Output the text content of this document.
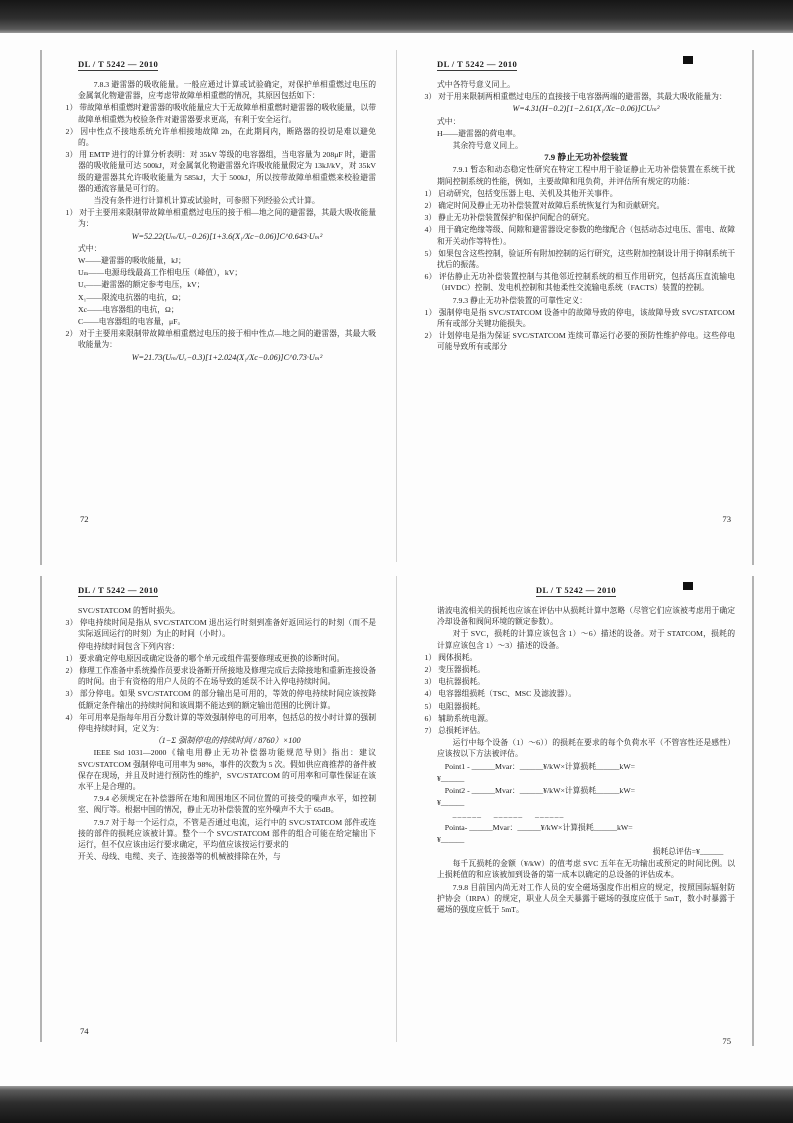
DL / T 5242 — 2010

7.8.3 避雷器的吸收能量。一般应通过计算或试验确定，对保护单相重燃过电压的金属氧化物避雷器，应考虑带故障单相重燃的情况，其原因包括如下：

1） 带故障单相重燃时避雷器的吸收能量应大于无故障单相重燃时避雷器的吸收能量，以带故障单相重燃为校验条件对避雷器要求更高，有利于安全运行。

2） 因中性点不接地系统允许单相接地故障 2h，在此期间内，断路器的投切是难以避免的。

3） 用 EMTP 进行的计算分析表明：对 35kV 等级的电容器组，当电容量为 208μF 时，避雷器的吸收能量可达 500kJ，对金属氧化物避雷器允许吸收能量假定为 13kJ/kV，对 35kV 级的避雷器其允许吸收能量为 585kJ，大于 500kJ，所以按带故障单相重燃来校验避雷器的通流容量是可行的。

当没有条件进行计算机计算或试验时，可参照下列经验公式计算。

1） 对于主要用来限制带故障单相重燃过电压的接于相—地之间的避雷器，其最大吸收能量为：

W=52.22(Uₘ/Uₓ−0.26)[1+3.6(X₁/Xc−0.06)]C^0.643·Uₘ²

式中：

W——避雷器的吸收能量，kJ；

Uₘ——电源母线最高工作相电压（峰值），kV；

Uₓ——避雷器的额定参考电压，kV；

X₁——限流电抗器的电抗，Ω；

Xc——电容器组的电抗，Ω；

C——电容器组的电容量，μF。

2） 对于主要用来限制带故障单相重燃过电压的接于相中性点—地之间的避雷器，其最大吸收能量为：

W=21.73(Uₘ/Uₓ−0.3)[1+2.024(X₁/Xc−0.06)]C^0.73·Uₘ²

72
DL / T 5242 — 2010

式中各符号意义同上。

3） 对于用来限制两相重燃过电压的直接接于电容器两端的避雷器，其最大吸收能量为：

W=4.31(H−0.2)[1−2.61(X₁/Xc−0.06)]CUₘ²

式中：

H——避雷器的荷电率。

其余符号意义同上。

7.9 静止无功补偿装置

7.9.1 暂态和动态稳定性研究在特定工程中用于验证静止无功补偿装置在系统干扰期间控制系统的性能，例如，主要故障和甩负荷，并评估所有规定的功能：

1） 启动研究，包括变压器上电、关机及其他开关事件。

2） 确定时间及静止无功补偿装置对故障后系统恢复行为和贡献研究。

3） 静止无功补偿装置保护和保护间配合的研究。

4） 用于确定绝缘等级、间隙和避雷器设定参数的绝缘配合（包括动态过电压、雷电、故障和开关动作等特性）。

5） 如果包含这些控制，验证所有附加控制的运行研究，这些附加控制设计用于抑制系统干扰后的振荡。

6） 评估静止无功补偿装置控制与其他邻近控制系统的相互作用研究，包括高压直流输电（HVDC）控制、发电机控制和其他柔性交流输电系统（FACTS）装置的控制。

7.9.3 静止无功补偿装置的可靠性定义：

1） 强制停电是指 SVC/STATCOM 设备中的故障导致的停电，该故障导致 SVC/STATCOM 所有或部分关键功能损失。

2） 计划停电是指为保证 SVC/STATCOM 连续可靠运行必要的预防性维护停电。这些停电可能导致所有或部分

73
DL / T 5242 — 2010

SVC/STATCOM 的暂时损失。

3） 停电持续时间是指从 SVC/STATCOM 退出运行时刻到准备好返回运行的时刻（而不是实际返回运行的时刻）为止的时间（小时）。

停电持续时间包含下列内容：

1） 要求确定停电原因或确定设备的哪个单元或组件需要修理或更换的诊断时间。

2） 修理工作准备中系统操作员要求设备断开所接地及修理完成后去除接地和重新连接设备的时间。由于有资格的用户人员的不在场导致的延误不计入停电持续时间。

3） 部分停电。如果 SVC/STATCOM 的部分输出是可用的，等效的停电持续时间应该按降低额定条件输出的持续时间和该周期不能达到的额定输出范围的比例计算。

4） 年可用率是指每年用百分数计算的等效强制停电的可用率，包括总的按小时计算的强制停电持续时间，定义为：

（1−Σ 强制停电的持续时间 / 8760）×100

IEEE Std 1031—2000《输电用静止无功补偿器功能规范导则》指出：建议 SVC/STATCOM 强制停电可用率为 98%，事件的次数为 5 次。假如供应商推荐的备件被保存在现场，并且及时进行预防性的维护，SVC/STATCOM 的可用率和可靠性保证在该水平上是合理的。

7.9.4 必须规定在补偿器所在地和周围地区不同位置的可接受的噪声水平，如控制室、阀厅等。根据中国的情况，静止无功补偿装置的室外噪声不大于 65dB。

7.9.7 对于每一个运行点，不管是否通过电流，运行中的 SVC/STATCOM 部件或连接的部件的损耗应该被计算。整个一个 SVC/STATCOM 部件的组合可能在给定输出下运行，但不仅应该由运行要求确定，平均值应该按运行要求的

开关、母线、电缆、夹子、连接器等的机械被排除在外，与

74
DL / T 5242 — 2010

谐波电流相关的损耗也应该在评估中从损耗计算中忽略（尽管它们应该被考虑用于确定冷却设备和阀间环境的额定参数）。

对于 SVC，损耗的计算应该包含 1）～6）描述的设备。对于 STATCOM，损耗的计算应该包含 1）～3）描述的设备。

1） 阀体损耗。

2） 变压器损耗。

3） 电抗器损耗。

4） 电容器组损耗（TSC、MSC 及滤波器）。

5） 电阻器损耗。

6） 辅助系统电源。

7） 总损耗评估。

运行中每个设备（1）～6））的损耗在要求的每个负荷水平（不管容性还是感性）应该按以下方法被评估。

Point1 - ______Mvar：______¥/kW×计算损耗______kW=

¥______

Point2 - ______Mvar：______¥/kW×计算损耗______kW=

¥______

______    ______    ______

Pointa- ______Mvar：______¥/kW×计算损耗______kW=

¥______

损耗总评估=¥______

每千瓦损耗的金额（¥/kW）的值考虑 SVC 五年在无功输出或预定的时间比例。以上损耗值的和应该被加到设备的第一成本以确定的总设备的评估成本。

7.9.8 目前国内尚无对工作人员的安全磁场强度作出相应的规定，按照国际辐射防护协会（IRPA）的规定，职业人员全天暴露于磁场的强度应低于 5mT，数小时暴露于磁场的强度应低于 5mT。

75
